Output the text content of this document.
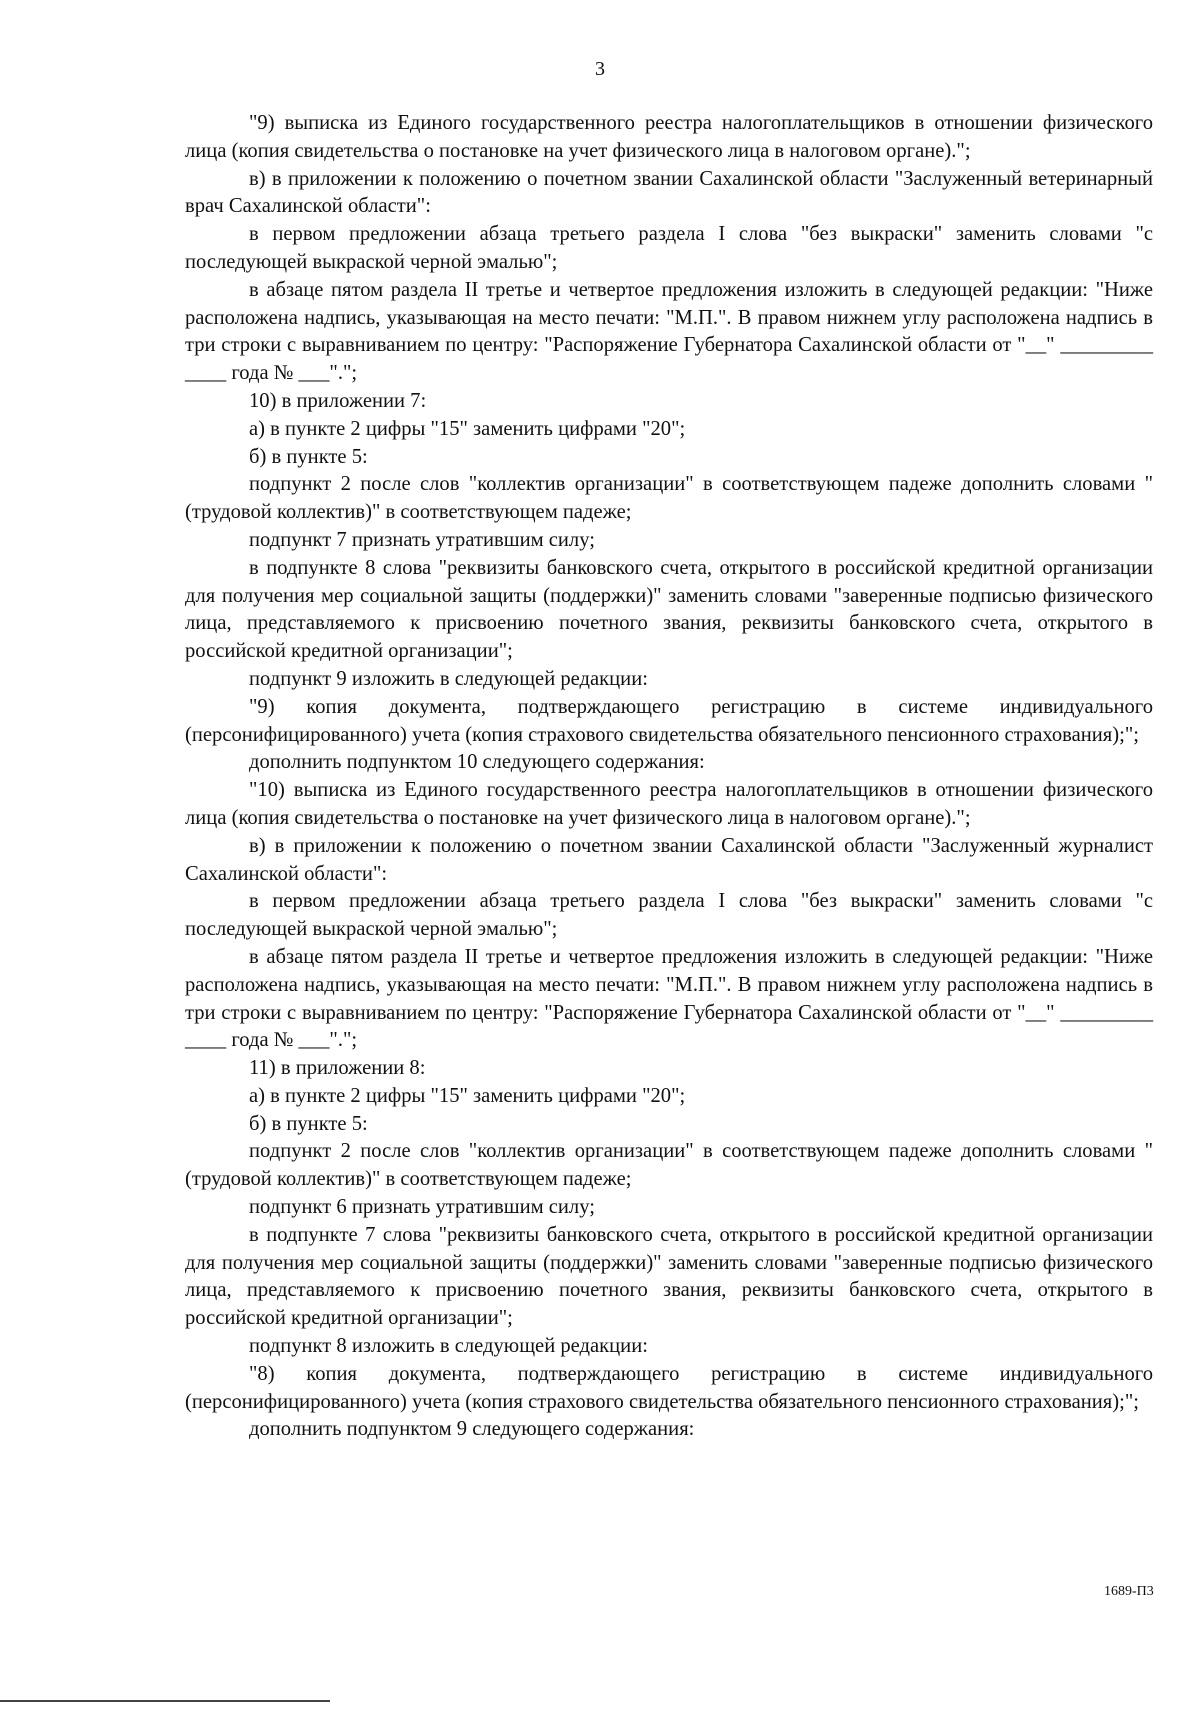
3

"9) выписка из Единого государственного реестра налогоплательщиков в отношении физического лица (копия свидетельства о постановке на учет физического лица в налоговом органе).";

в) в приложении к положению о почетном звании Сахалинской области "Заслуженный ветеринарный врач Сахалинской области":

в первом предложении абзаца третьего раздела I слова "без выкраски" заменить словами "с последующей выкраской черной эмалью";

в абзаце пятом раздела II третье и четвертое предложения изложить в следующей редакции: "Ниже расположена надпись, указывающая на место печати: "М.П.". В правом нижнем углу расположена надпись в три строки с выравниванием по центру: "Распоряжение Губернатора Сахалинской области от "__" _________ ____ года № ___".";

10) в приложении 7:

а) в пункте 2 цифры "15" заменить цифрами "20";

б) в пункте 5:

подпункт 2 после слов "коллектив организации" в соответствующем падеже дополнить словами "(трудовой коллектив)" в соответствующем падеже;

подпункт 7 признать утратившим силу;

в подпункте 8 слова "реквизиты банковского счета, открытого в российской кредитной организации для получения мер социальной защиты (поддержки)" заменить словами "заверенные подписью физического лица, представляемого к присвоению почетного звания, реквизиты банковского счета, открытого в российской кредитной организации";

подпункт 9 изложить в следующей редакции:

"9) копия документа, подтверждающего регистрацию в системе индивидуального (персонифицированного) учета (копия страхового свидетельства обязательного пенсионного страхования);";

дополнить подпунктом 10 следующего содержания:

"10) выписка из Единого государственного реестра налогоплательщиков в отношении физического лица (копия свидетельства о постановке на учет физического лица в налоговом органе).";

в) в приложении к положению о почетном звании Сахалинской области "Заслуженный журналист Сахалинской области":

в первом предложении абзаца третьего раздела I слова "без выкраски" заменить словами "с последующей выкраской черной эмалью";

в абзаце пятом раздела II третье и четвертое предложения изложить в следующей редакции: "Ниже расположена надпись, указывающая на место печати: "М.П.". В правом нижнем углу расположена надпись в три строки с выравниванием по центру: "Распоряжение Губернатора Сахалинской области от "__" _________ ____ года № ___".";

11) в приложении 8:

а) в пункте 2 цифры "15" заменить цифрами "20";

б) в пункте 5:

подпункт 2 после слов "коллектив организации" в соответствующем падеже дополнить словами "(трудовой коллектив)" в соответствующем падеже;

подпункт 6 признать утратившим силу;

в подпункте 7 слова "реквизиты банковского счета, открытого в российской кредитной организации для получения мер социальной защиты (поддержки)" заменить словами "заверенные подписью физического лица, представляемого к присвоению почетного звания, реквизиты банковского счета, открытого в российской кредитной организации";

подпункт 8 изложить в следующей редакции:

"8) копия документа, подтверждающего регистрацию в системе индивидуального (персонифицированного) учета (копия страхового свидетельства обязательного пенсионного страхования);";

дополнить подпунктом 9 следующего содержания:

1689-П3
